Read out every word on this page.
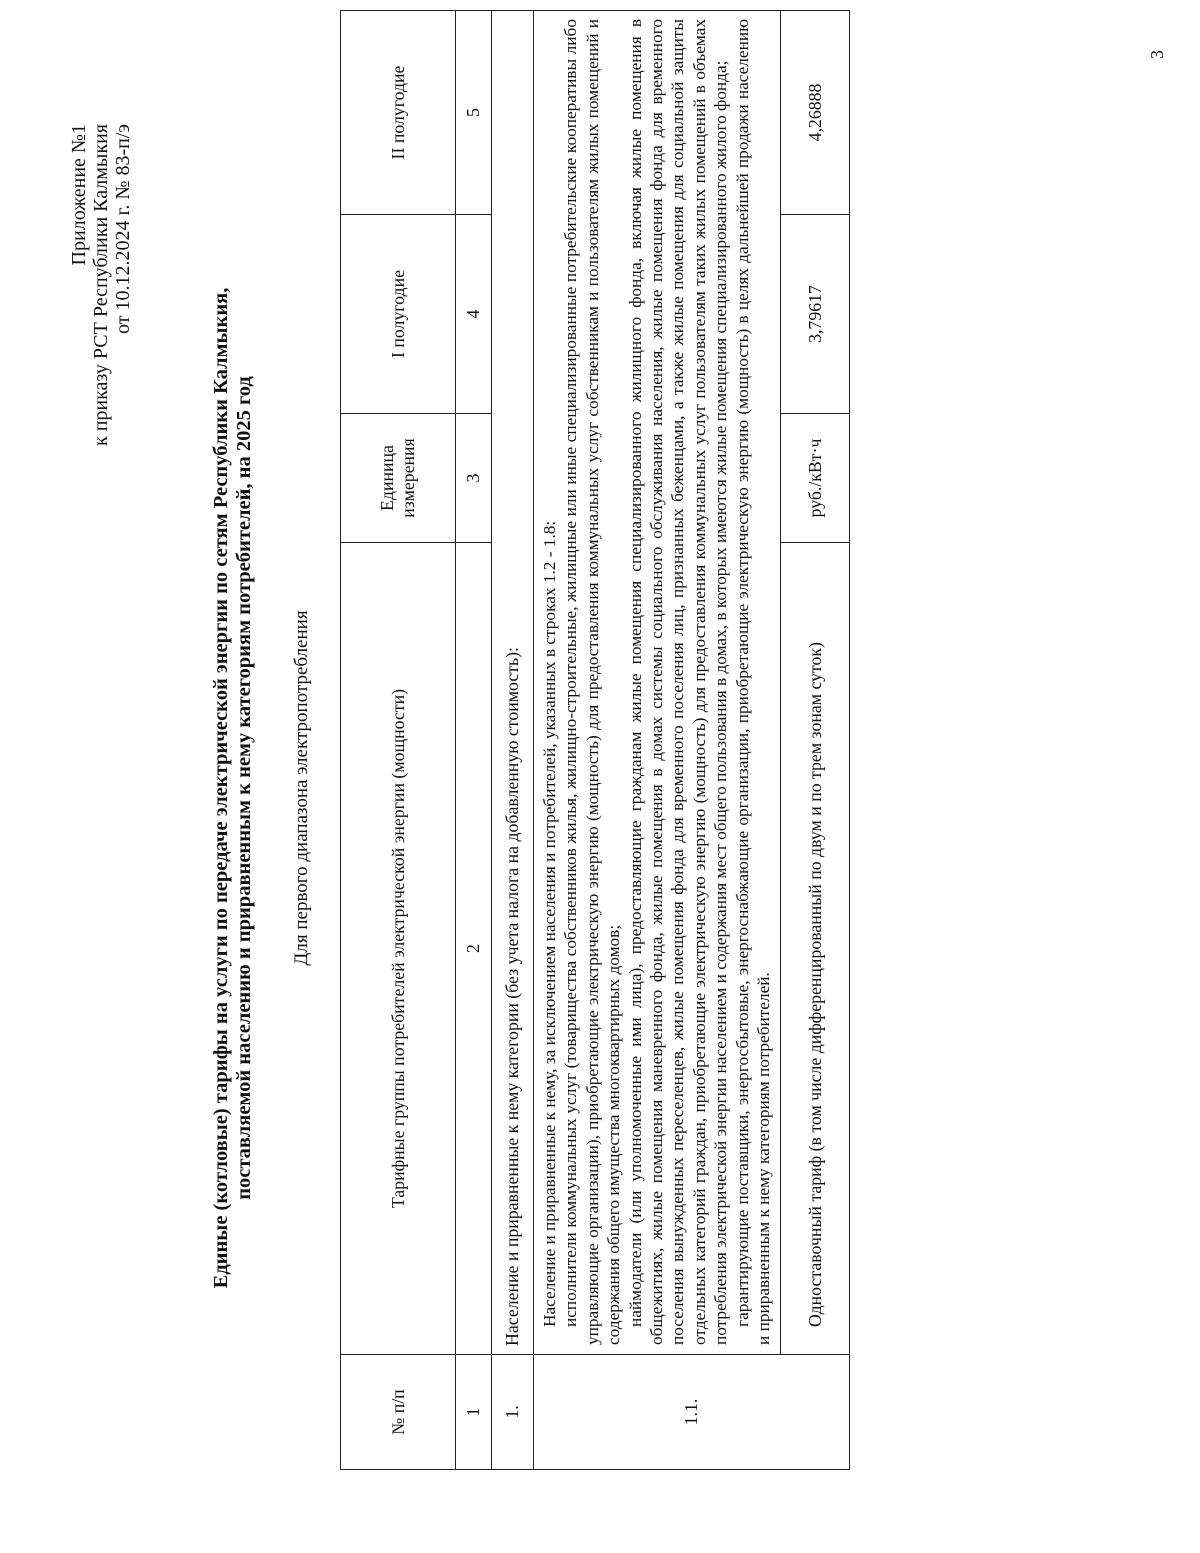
Приложение №1 к приказу РСТ Республики Калмыкия от 10.12.2024 г. № 83-п/э
Единые (котловые) тарифы на услуги по передаче электрической энергии по сетям Республики Калмыкия, поставляемой населению и приравненным к нему категориям потребителей, на 2025 год Для первого диапазона электропотребления
№ п/п	Тарифные группы потребителей электрической энергии (мощности)	Единица измерения	I полугодие	II полугодие
1	2	3	4	5
1.	Население и приравненные к нему категории (без учета налога на добавленную стоимость):			
1.1.	Население и приравненные к нему, за исключением населения и потребителей, указанных в строках 1.2 - 1.8: исполнители коммунальных услуг (товарищества собственников жилья, жилищно-строительные, жилищные или иные специализированные потребительские кооперативы либо управляющие организации), приобретающие электрическую энергию (мощность) для предоставления коммунальных услуг собственникам и пользователям жилых помещений и содержания общего имущества многоквартирных домов; наймодатели (или уполномоченные ими лица), предоставляющие гражданам жилые помещения специализированного жилищного фонда, включая жилые помещения в общежитиях, жилые помещения маневренного фонда, жилые помещения в домах системы социального обслуживания населения, жилые помещения фонда для временного поселения вынужденных переселенцев, жилые помещения фонда для временного поселения лиц, признанных беженцами, а также жилые помещения для социальной защиты отдельных категорий граждан, приобретающие электрическую энергию (мощность) для предоставления коммунальных услуг пользователям таких жилых помещений в объемах потребления электрической энергии населением и содержания мест общего пользования в домах, в которых имеются жилые помещения специализированного жилого фонда; гарантирующие поставщики, энергосбытовые, энергоснабжающие организации, приобретающие электрическую энергию (мощность) в целях дальнейшей продажи населению и приравненным к нему категориям потребителей.			

	Одноставочный тариф (в том числе дифференцированный по двум и по трем зонам суток)	руб./кВт·ч	3,79617	4,26888
3
